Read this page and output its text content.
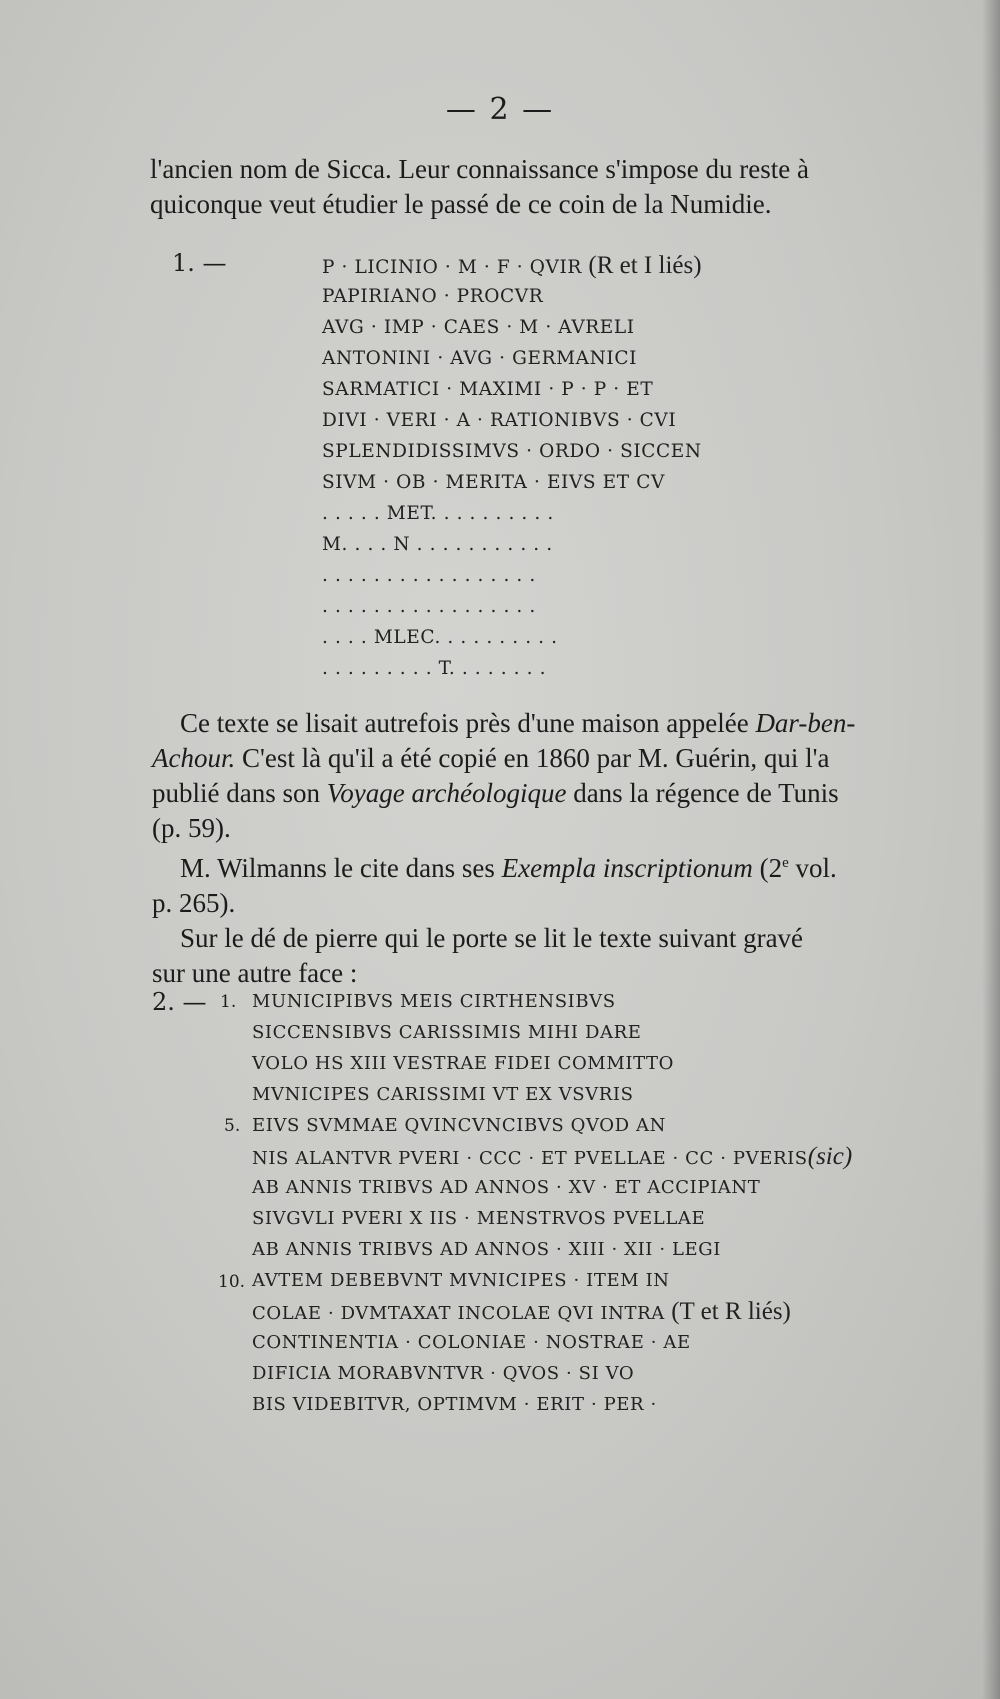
— 2 —

l'ancien nom de Sicca. Leur connaissance s'impose du reste à

quiconque veut étudier le passé de ce coin de la Numidie.

1. —	P · LICINIO · M · F · QVIR (R et I liés)
PAPIRIANO · PROCVR
AVG · IMP · CAES · M · AVRELI
ANTONINI · AVG · GERMANICI
SARMATICI · MAXIMI · P · P · ET
DIVI · VERI · A · RATIONIBVS · CVI
SPLENDIDISSIMVS · ORDO · SICCEN
SIVM · OB · MERITA · EIVS ET CV
. . . . . MET. . . . . . . . . .
M. . . . N . . . . . . . . . . .
. . . . . . . . . . . . . . . . .
. . . . . . . . . . . . . . . . .
. . . . MLEC. . . . . . . . . .
. . . . . . . . . T. . . . . . . .

Ce texte se lisait autrefois près d'une maison appelée Dar-ben-

Achour. C'est là qu'il a été copié en 1860 par M. Guérin, qui l'a

publié dans son Voyage archéologique dans la régence de Tunis

(p. 59).

M. Wilmanns le cite dans ses Exempla inscriptionum (2e vol.

p. 265).

Sur le dé de pierre qui le porte se lit le texte suivant gravé

sur une autre face :

2. — 1.
5.
10.
MUNICIPIBVS MEIS CIRTHENSIBVS
SICCENSIBVS CARISSIMIS MIHI DARE
VOLO HS XIII VESTRAE FIDEI COMMITTO
MVNICIPES CARISSIMI VT EX VSVRIS
EIVS SVMMAE QVINCVNCIBVS QVOD AN
NIS ALANTVR PVERI · CCC · ET PVELLAE · CC · PVERIS(sic)
AB ANNIS TRIBVS AD ANNOS · XV · ET ACCIPIANT
SIVGVLI PVERI X IIS · MENSTRVOS PVELLAE
AB ANNIS TRIBVS AD ANNOS · XIII · XII · LEGI
AVTEM DEBEBVNT MVNICIPES · ITEM IN
COLAE · DVMTAXAT INCOLAE QVI INTRA (T et R liés)
CONTINENTIA · COLONIAE · NOSTRAE · AE
DIFICIA MORABVNTVR · QVOS · SI VO
BIS VIDEBITVR, OPTIMVM · ERIT · PER ·
